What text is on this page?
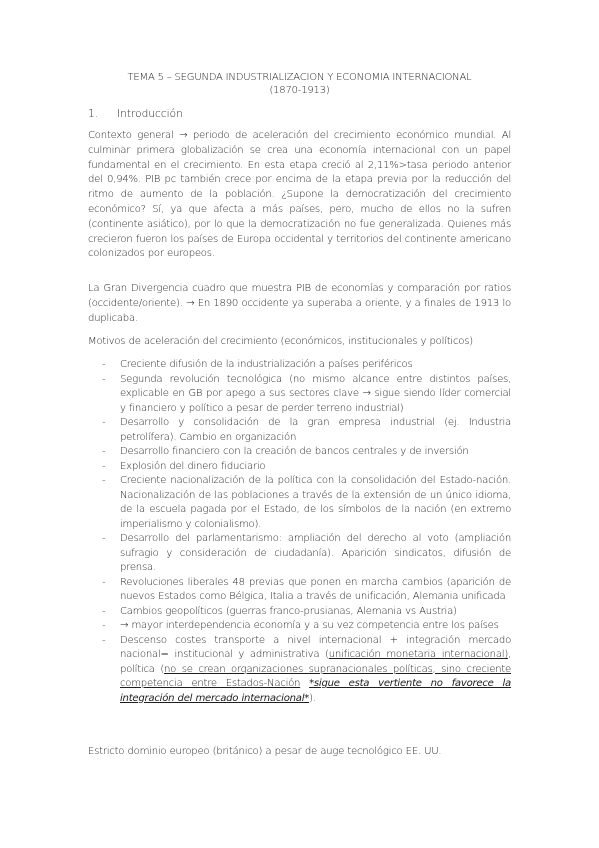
TEMA 5 – SEGUNDA INDUSTRIALIZACION Y ECONOMIA INTERNACIONAL
(1870-1913)
1. Introducción
Contexto general → periodo de aceleración del crecimiento económico mundial. Al culminar primera globalización se crea una economía internacional con un papel fundamental en el crecimiento. En esta etapa creció al 2,11%>tasa periodo anterior del 0,94%. PIB pc también crece por encima de la etapa previa por la reducción del ritmo de aumento de la población. ¿Supone la democratización del crecimiento económico? Sí, ya que afecta a más países, pero, mucho de ellos no la sufren (continente asiático), por lo que la democratización no fue generalizada. Quienes más crecieron fueron los países de Europa occidental y territorios del continente americano colonizados por europeos.
La Gran Divergencia cuadro que muestra PIB de economías y comparación por ratios (occidente/oriente). → En 1890 occidente ya superaba a oriente, y a finales de 1913 lo duplicaba.
Motivos de aceleración del crecimiento (económicos, institucionales y políticos)
- Creciente difusión de la industrialización a países periféricos
- Segunda revolución tecnológica (no mismo alcance entre distintos países, explicable en GB por apego a sus sectores clave → sigue siendo líder comercial y financiero y político a pesar de perder terreno industrial)
- Desarrollo y consolidación de la gran empresa industrial (ej. Industria petrolífera). Cambio en organización
- Desarrollo financiero con la creación de bancos centrales y de inversión
- Explosión del dinero fiduciario
- Creciente nacionalización de la política con la consolidación del Estado-nación. Nacionalización de las poblaciones a través de la extensión de un único idioma, de la escuela pagada por el Estado, de los símbolos de la nación (en extremo imperialismo y colonialismo).
- Desarrollo del parlamentarismo: ampliación del derecho al voto (ampliación sufragio y consideración de ciudadanía). Aparición sindicatos, difusión de prensa.
- Revoluciones liberales 48 previas que ponen en marcha cambios (aparición de nuevos Estados como Bélgica, Italia a través de unificación, Alemania unificada
- Cambios geopolíticos (guerras franco-prusianas, Alemania vs Austria)
- → mayor interdependencia economía y a su vez competencia entre los países
- Descenso costes transporte a nivel internacional + integración mercado nacional= institucional y administrativa (unificación monetaria internacional), política (no se crean organizaciones supranacionales políticas, sino creciente competencia entre Estados-Nación *sigue esta vertiente no favorece la integración del mercado internacional*).
Estricto dominio europeo (británico) a pesar de auge tecnológico EE. UU.
